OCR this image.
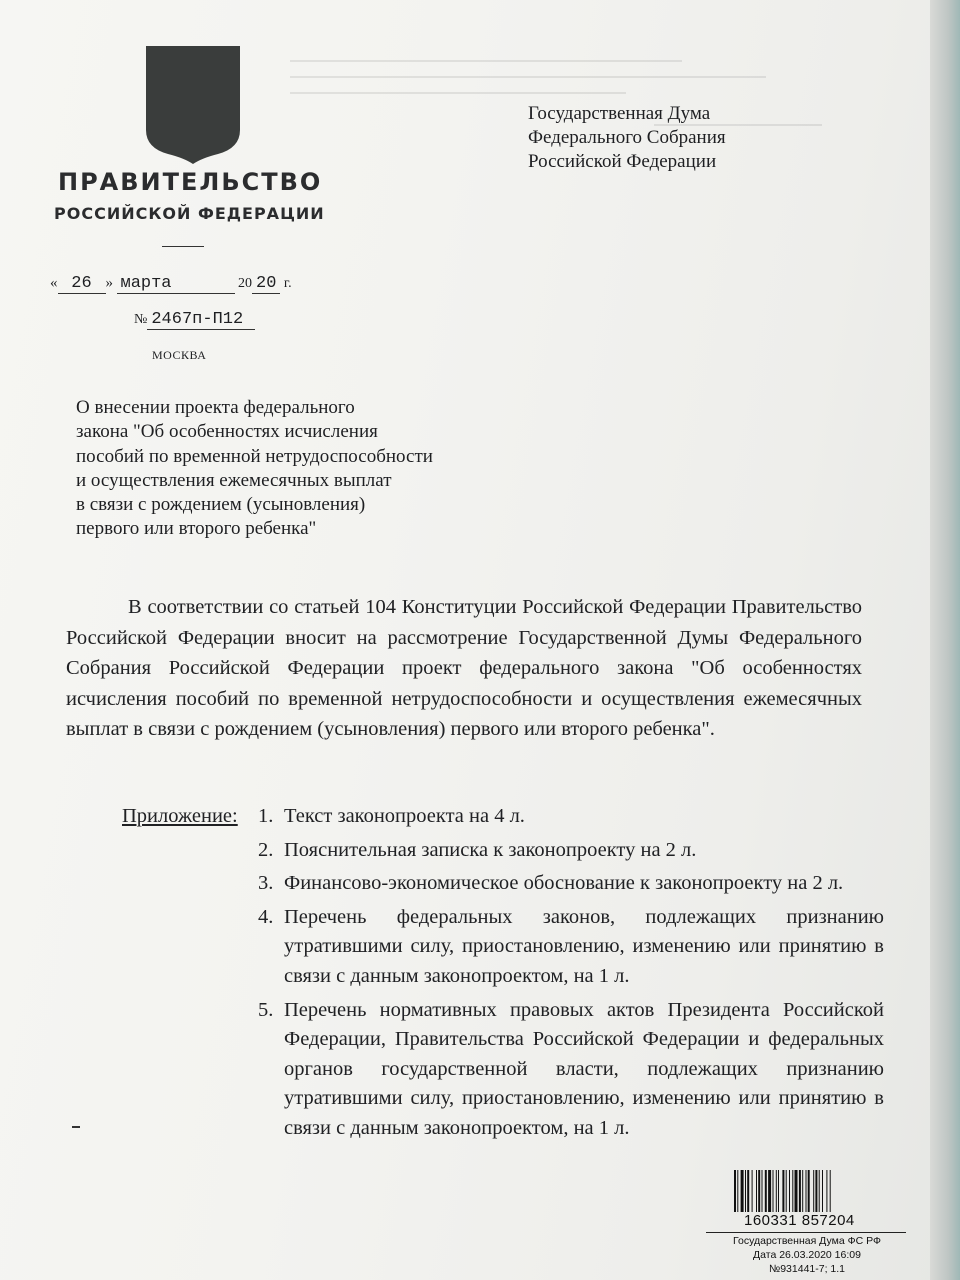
ПРАВИТЕЛЬСТВО
РОССИЙСКОЙ ФЕДЕРАЦИИ
« 26 » марта	20 20 г.
№ 2467п-П12
МОСКВА
Государственная Дума
Федерального Собрания
Российской Федерации
О внесении проекта федерального
закона "Об особенностях исчисления
пособий по временной нетрудоспособности
и осуществления ежемесячных выплат
в связи с рождением (усыновления)
первого или второго ребенка"
В соответствии со статьей 104 Конституции Российской Федерации Правительство Российской Федерации вносит на рассмотрение Государственной Думы Федерального Собрания Российской Федерации проект федерального закона "Об особенностях исчисления пособий по временной нетрудоспособности и осуществления ежемесячных выплат в связи с рождением (усыновления) первого или второго ребенка".
Приложение: 1. Текст законопроекта на 4 л.
2. Пояснительная записка к законопроекту на 2 л.
3. Финансово-экономическое обоснование к законопроекту на 2 л.
4. Перечень федеральных законов, подлежащих признанию утратившими силу, приостановлению, изменению или принятию в связи с данным законопроектом, на 1 л.
5. Перечень нормативных правовых актов Президента Российской Федерации, Правительства Российской Федерации и федеральных органов государственной власти, подлежащих признанию утратившими силу, приостановлению, изменению или принятию в связи с данным законопроектом, на 1 л.
160331 857204
Государственная Дума ФС РФ
Дата 26.03.2020 16:09
№931441-7; 1.1
